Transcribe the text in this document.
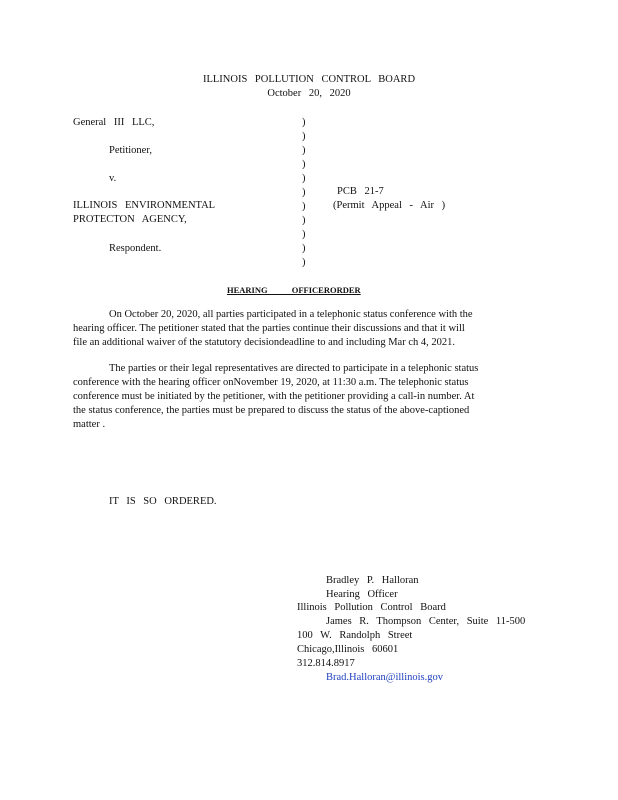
ILLINOIS POLLUTION CONTROL BOARD
October 20, 2020
General III LLC,
Petitioner,
v.
ILLINOIS ENVIRONMENTAL
PROTECTON AGENCY,
Respondent.
)
)
)
)
)
)
)
)
)
)
)
PCB 21-7
(Permit Appeal - Air )
HEARING OFFICERORDER
On October 20, 2020, all parties participated in a telephonic status conference with the
hearing officer. The petitioner stated that the parties continue their discussions and that it will
file an additional waiver of the statutory decisiondeadline to and including Mar ch 4, 2021.
The parties or their legal representatives are directed to participate in a telephonic status
conference with the hearing officer onNovember 19, 2020, at 11:30 a.m. The telephonic status
conference must be initiated by the petitioner, with the petitioner providing a call-in number. At
the status conference, the parties must be prepared to discuss the status of the above-captioned
matter .
IT IS SO ORDERED.
Bradley P. Halloran
Hearing Officer
Illinois Pollution Control Board
James R. Thompson Center, Suite 11-500
100 W. Randolph Street
Chicago,Illinois 60601
312.814.8917
Brad.Halloran@illinois.gov
